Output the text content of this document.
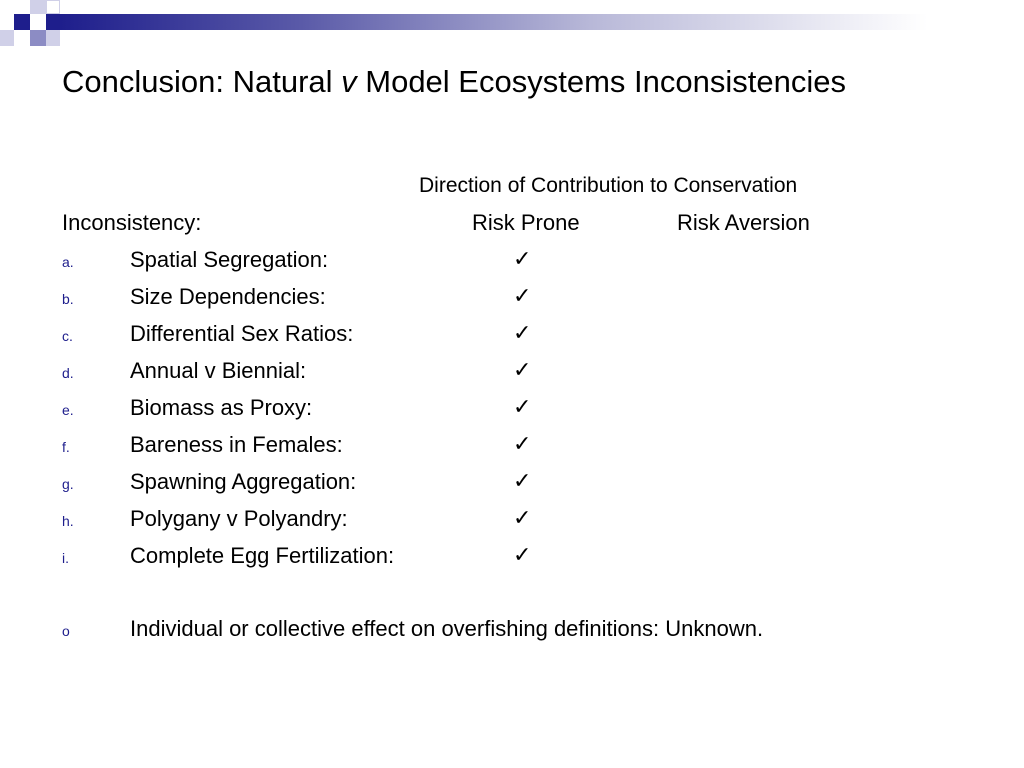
Conclusion: Natural v Model Ecosystems Inconsistencies
Direction of Contribution to Conservation
Inconsistency:	Risk Prone	Risk Aversion
a.	Spatial Segregation:	✓
b.	Size Dependencies:	✓
c.	Differential Sex Ratios:	✓
d.	Annual v Biennial:	✓
e.	Biomass as Proxy:	✓
f.	Bareness in Females:	✓
g.	Spawning Aggregation:	✓
h.	Polygany v Polyandry:	✓
i.	Complete Egg Fertilization:	✓
o	Individual or collective effect on overfishing definitions: Unknown.
